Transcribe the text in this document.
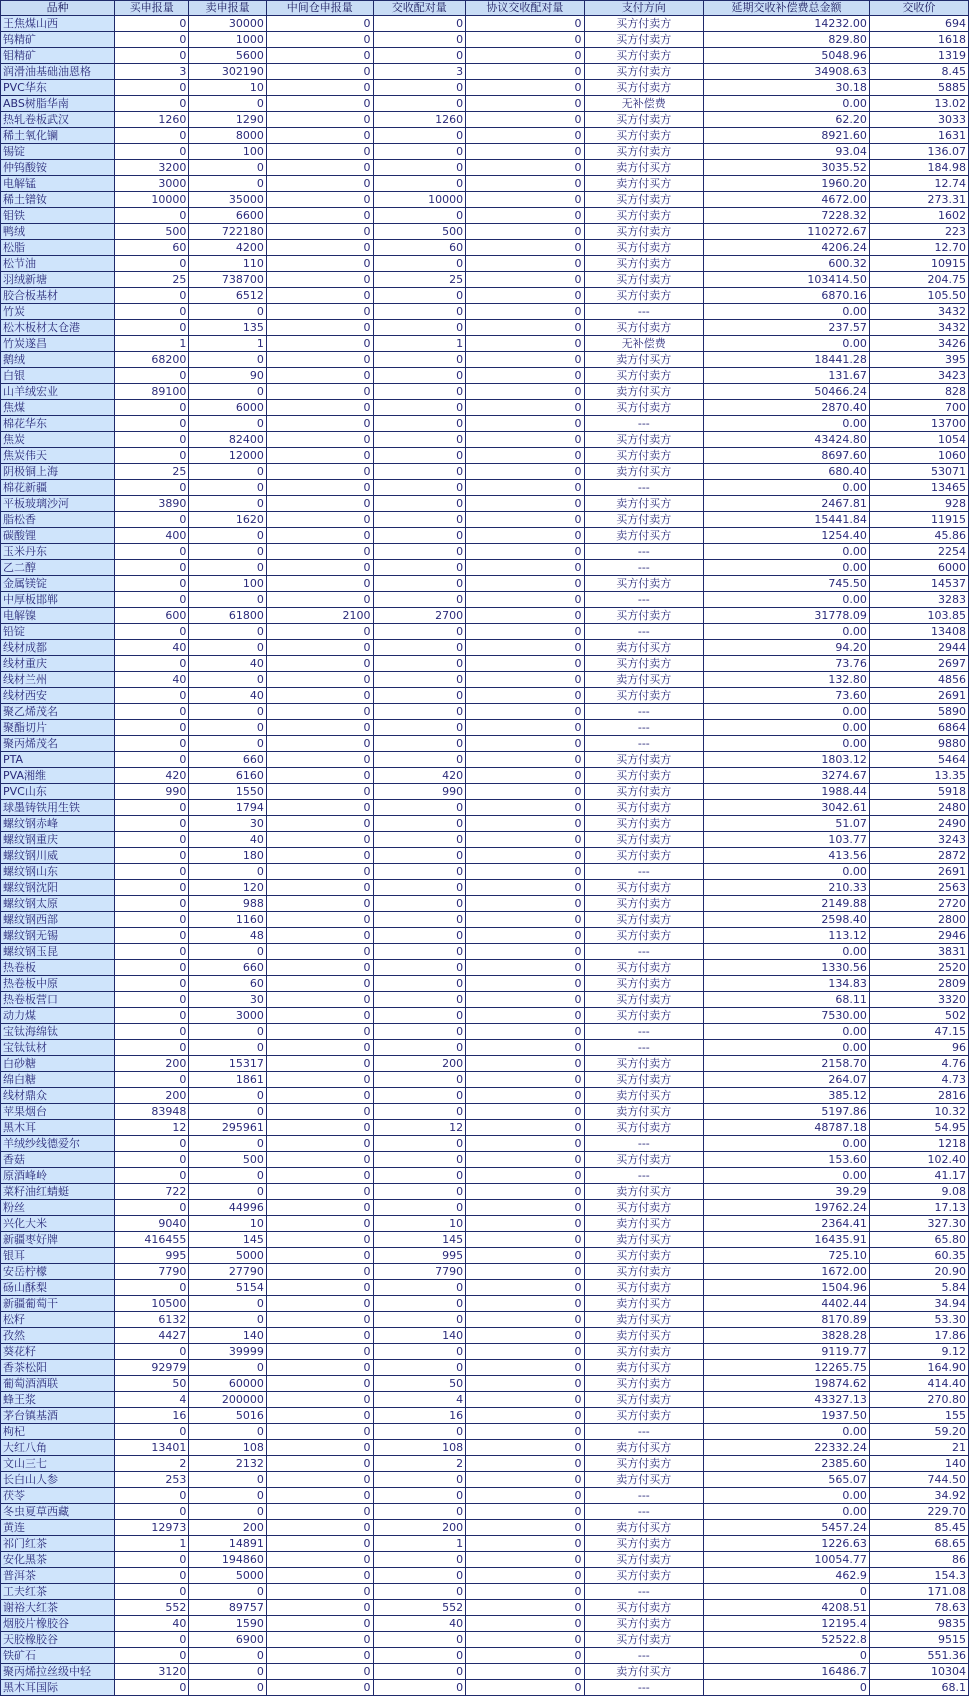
品种	买申报量	卖申报量	中间仓申报量	交收配对量	协议交收配对量	支付方向	延期交收补偿费总金额	交收价
王焦煤山西	0	30000	0	0	0	买方付卖方	14232.00	694
钨精矿	0	1000	0	0	0	买方付卖方	829.80	1618
钼精矿	0	5600	0	0	0	买方付卖方	5048.96	1319
润滑油基础油恩格	3	302190	0	3	0	买方付卖方	34908.63	8.45
PVC华东	0	10	0	0	0	买方付卖方	30.18	5885
ABS树脂华南	0	0	0	0	0	无补偿费	0.00	13.02
热轧卷板武汉	1260	1290	0	1260	0	买方付卖方	62.20	3033
稀土氧化镧	0	8000	0	0	0	买方付卖方	8921.60	1631
锡锭	0	100	0	0	0	买方付卖方	93.04	136.07
仲钨酸铵	3200	0	0	0	0	卖方付买方	3035.52	184.98
电解锰	3000	0	0	0	0	卖方付买方	1960.20	12.74
稀土镨钕	10000	35000	0	10000	0	买方付卖方	4672.00	273.31
钼铁	0	6600	0	0	0	买方付卖方	7228.32	1602
鸭绒	500	722180	0	500	0	买方付卖方	110272.67	223
松脂	60	4200	0	60	0	买方付卖方	4206.24	12.70
松节油	0	110	0	0	0	买方付卖方	600.32	10915
羽绒新塘	25	738700	0	25	0	买方付卖方	103414.50	204.75
胶合板基材	0	6512	0	0	0	买方付卖方	6870.16	105.50
竹炭	0	0	0	0	0	---	0.00	3432
松木板材太仓港	0	135	0	0	0	买方付卖方	237.57	3432
竹炭遂昌	1	1	0	1	0	无补偿费	0.00	3426
鹅绒	68200	0	0	0	0	卖方付买方	18441.28	395
白银	0	90	0	0	0	买方付卖方	131.67	3423
山羊绒宏业	89100	0	0	0	0	卖方付买方	50466.24	828
焦煤	0	6000	0	0	0	买方付卖方	2870.40	700
棉花华东	0	0	0	0	0	---	0.00	13700
焦炭	0	82400	0	0	0	买方付卖方	43424.80	1054
焦炭伟天	0	12000	0	0	0	买方付卖方	8697.60	1060
阴极铜上海	25	0	0	0	0	卖方付买方	680.40	53071
棉花新疆	0	0	0	0	0	---	0.00	13465
平板玻璃沙河	3890	0	0	0	0	卖方付买方	2467.81	928
脂松香	0	1620	0	0	0	买方付卖方	15441.84	11915
碳酸锂	400	0	0	0	0	卖方付买方	1254.40	45.86
玉米丹东	0	0	0	0	0	---	0.00	2254
乙二醇	0	0	0	0	0	---	0.00	6000
金属镁锭	0	100	0	0	0	买方付卖方	745.50	14537
中厚板邯郸	0	0	0	0	0	---	0.00	3283
电解镍	600	61800	2100	2700	0	买方付卖方	31778.09	103.85
铅锭	0	0	0	0	0	---	0.00	13408
线材成都	40	0	0	0	0	卖方付买方	94.20	2944
线材重庆	0	40	0	0	0	买方付卖方	73.76	2697
线材兰州	40	0	0	0	0	卖方付买方	132.80	4856
线材西安	0	40	0	0	0	买方付卖方	73.60	2691
聚乙烯茂名	0	0	0	0	0	---	0.00	5890
聚酯切片	0	0	0	0	0	---	0.00	6864
聚丙烯茂名	0	0	0	0	0	---	0.00	9880
PTA	0	660	0	0	0	买方付卖方	1803.12	5464
PVA湘维	420	6160	0	420	0	买方付卖方	3274.67	13.35
PVC山东	990	1550	0	990	0	买方付卖方	1988.44	5918
球墨铸铁用生铁	0	1794	0	0	0	买方付卖方	3042.61	2480
螺纹钢赤峰	0	30	0	0	0	买方付卖方	51.07	2490
螺纹钢重庆	0	40	0	0	0	买方付卖方	103.77	3243
螺纹钢川威	0	180	0	0	0	买方付卖方	413.56	2872
螺纹钢山东	0	0	0	0	0	---	0.00	2691
螺纹钢沈阳	0	120	0	0	0	买方付卖方	210.33	2563
螺纹钢太原	0	988	0	0	0	买方付卖方	2149.88	2720
螺纹钢西部	0	1160	0	0	0	买方付卖方	2598.40	2800
螺纹钢无锡	0	48	0	0	0	买方付卖方	113.12	2946
螺纹钢玉昆	0	0	0	0	0	---	0.00	3831
热卷板	0	660	0	0	0	买方付卖方	1330.56	2520
热卷板中原	0	60	0	0	0	买方付卖方	134.83	2809
热卷板营口	0	30	0	0	0	买方付卖方	68.11	3320
动力煤	0	3000	0	0	0	买方付卖方	7530.00	502
宝钛海绵钛	0	0	0	0	0	---	0.00	47.15
宝钛钛材	0	0	0	0	0	---	0.00	96
白砂糖	200	15317	0	200	0	买方付卖方	2158.70	4.76
绵白糖	0	1861	0	0	0	买方付卖方	264.07	4.73
线材鼎众	200	0	0	0	0	卖方付买方	385.12	2816
苹果烟台	83948	0	0	0	0	卖方付买方	5197.86	10.32
黑木耳	12	295961	0	12	0	买方付卖方	48787.18	54.95
羊绒纱线德爱尔	0	0	0	0	0	---	0.00	1218
香菇	0	500	0	0	0	买方付卖方	153.60	102.40
原酒峰岭	0	0	0	0	0	---	0.00	41.17
菜籽油红蜻蜓	722	0	0	0	0	卖方付买方	39.29	9.08
粉丝	0	44996	0	0	0	买方付卖方	19762.24	17.13
兴化大米	9040	10	0	10	0	卖方付买方	2364.41	327.30
新疆枣好牌	416455	145	0	145	0	卖方付买方	16435.91	65.80
银耳	995	5000	0	995	0	买方付卖方	725.10	60.35
安岳柠檬	7790	27790	0	7790	0	买方付卖方	1672.00	20.90
砀山酥梨	0	5154	0	0	0	买方付卖方	1504.96	5.84
新疆葡萄干	10500	0	0	0	0	卖方付买方	4402.44	34.94
松籽	6132	0	0	0	0	卖方付买方	8170.89	53.30
孜然	4427	140	0	140	0	卖方付买方	3828.28	17.86
葵花籽	0	39999	0	0	0	买方付卖方	9119.77	9.12
香茶松阳	92979	0	0	0	0	卖方付买方	12265.75	164.90
葡萄酒酒联	50	60000	0	50	0	买方付卖方	19874.62	414.40
蜂王浆	4	200000	0	4	0	买方付卖方	43327.13	270.80
茅台镇基酒	16	5016	0	16	0	买方付卖方	1937.50	155
枸杞	0	0	0	0	0	---	0.00	59.20
大红八角	13401	108	0	108	0	卖方付买方	22332.24	21
文山三七	2	2132	0	2	0	买方付卖方	2385.60	140
长白山人参	253	0	0	0	0	卖方付买方	565.07	744.50
茯苓	0	0	0	0	0	---	0.00	34.92
冬虫夏草西藏	0	0	0	0	0	---	0.00	229.70
黄连	12973	200	0	200	0	卖方付买方	5457.24	85.45
祁门红茶	1	14891	0	1	0	买方付卖方	1226.63	68.65
安化黑茶	0	194860	0	0	0	买方付卖方	10054.77	86
普洱茶	0	5000	0	0	0	买方付卖方	462.9	154.3
工夫红茶	0	0	0	0	0	---	0	171.08
谢裕大红茶	552	89757	0	552	0	买方付卖方	4208.51	78.63
烟胶片橡胶谷	40	1590	0	40	0	买方付卖方	12195.4	9835
天胶橡胶谷	0	6900	0	0	0	买方付卖方	52522.8	9515
铁矿石	0	0	0	0	0	---	0	551.36
聚丙烯拉丝级中轻	3120	0	0	0	0	卖方付买方	16486.7	10304
黑木耳国际	0	0	0	0	0	---	0	68.1
